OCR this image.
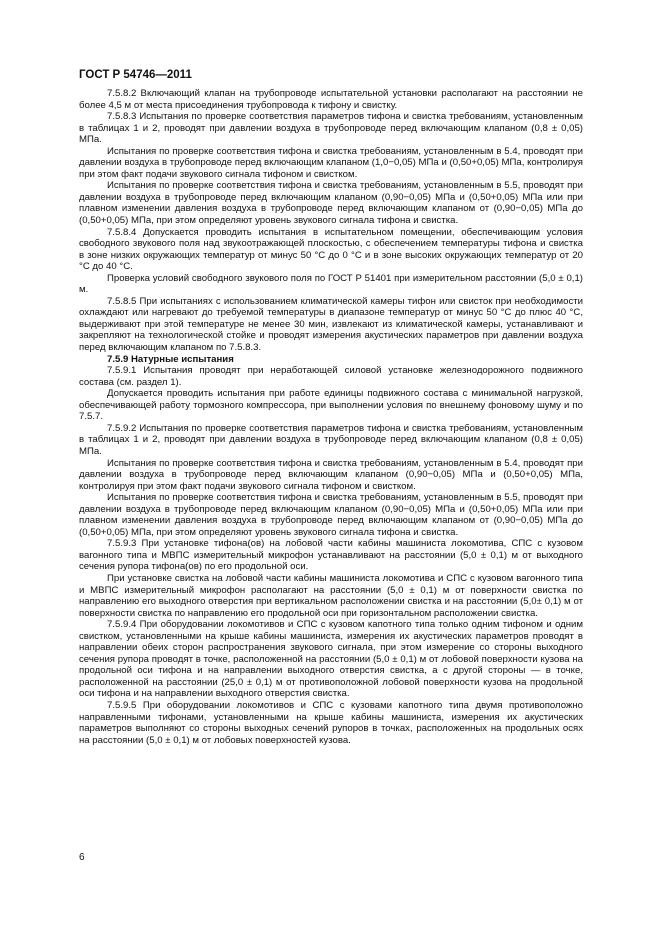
ГОСТ Р 54746—2011

7.5.8.2 Включающий клапан на трубопроводе испытательной установки располагают на расстоянии не более 4,5 м от места присоединения трубопровода к тифону и свистку.

7.5.8.3 Испытания по проверке соответствия параметров тифона и свистка требованиям, установленным в таблицах 1 и 2, проводят при давлении воздуха в трубопроводе перед включающим клапаном (0,8 ± 0,05) МПа.

Испытания по проверке соответствия тифона и свистка требованиям, установленным в 5.4, проводят при давлении воздуха в трубопроводе перед включающим клапаном (1,0−0,05) МПа и (0,50+0,05) МПа, контролируя при этом факт подачи звукового сигнала тифоном и свистком.

Испытания по проверке соответствия тифона и свистка требованиям, установленным в 5.5, проводят при давлении воздуха в трубопроводе перед включающим клапаном (0,90−0,05) МПа и (0,50+0,05) МПа или при плавном изменении давления воздуха в трубопроводе перед включающим клапаном от (0,90−0,05) МПа до (0,50+0,05) МПа, при этом определяют уровень звукового сигнала тифона и свистка.

7.5.8.4 Допускается проводить испытания в испытательном помещении, обеспечивающим условия свободного звукового поля над звукоотражающей плоскостью, с обеспечением температуры тифона и свистка в зоне низких окружающих температур от минус 50 °С до 0 °С и в зоне высоких окружающих температур от 20 °С до 40 °С.

Проверка условий свободного звукового поля по ГОСТ Р 51401 при измерительном расстоянии (5,0 ± 0,1) м.

7.5.8.5 При испытаниях с использованием климатической камеры тифон или свисток при необходимости охлаждают или нагревают до требуемой температуры в диапазоне температур от минус 50 °С до плюс 40 °С, выдерживают при этой температуре не менее 30 мин, извлекают из климатической камеры, устанавливают и закрепляют на технологической стойке и проводят измерения акустических параметров при давлении воздуха перед включающим клапаном по 7.5.8.3.

7.5.9 Натурные испытания

7.5.9.1 Испытания проводят при неработающей силовой установке железнодорожного подвижного состава (см. раздел 1).

Допускается проводить испытания при работе единицы подвижного состава с минимальной нагрузкой, обеспечивающей работу тормозного компрессора, при выполнении условия по внешнему фоновому шуму и по 7.5.7.

7.5.9.2 Испытания по проверке соответствия параметров тифона и свистка требованиям, установленным в таблицах 1 и 2, проводят при давлении воздуха в трубопроводе перед включающим клапаном (0,8 ± 0,05) МПа.

Испытания по проверке соответствия тифона и свистка требованиям, установленным в 5.4, проводят при давлении воздуха в трубопроводе перед включающим клапаном (0,90−0,05) МПа и (0,50+0,05) МПа, контролируя при этом факт подачи звукового сигнала тифоном и свистком.

Испытания по проверке соответствия тифона и свистка требованиям, установленным в 5.5, проводят при давлении воздуха в трубопроводе перед включающим клапаном (0,90−0,05) МПа и (0,50+0,05) МПа или при плавном изменении давления воздуха в трубопроводе перед включающим клапаном от (0,90−0,05) МПа до (0,50+0,05) МПа, при этом определяют уровень звукового сигнала тифона и свистка.

7.5.9.3 При установке тифона(ов) на лобовой части кабины машиниста локомотива, СПС с кузовом вагонного типа и МВПС измерительный микрофон устанавливают на расстоянии (5,0 ± 0,1) м от выходного сечения рупора тифона(ов) по его продольной оси.

При установке свистка на лобовой части кабины машиниста локомотива и СПС с кузовом вагонного типа и МВПС измерительный микрофон располагают на расстоянии (5,0 ± 0,1) м от поверхности свистка по направлению его выходного отверстия при вертикальном расположении свистка и на расстоянии (5,0± 0,1) м от поверхности свистка по направлению его продольной оси при горизонтальном расположении свистка.

7.5.9.4 При оборудовании локомотивов и СПС с кузовом капотного типа только одним тифоном и одним свистком, установленными на крыше кабины машиниста, измерения их акустических параметров проводят в направлении обеих сторон распространения звукового сигнала, при этом измерение со стороны выходного сечения рупора проводят в точке, расположенной на расстоянии (5,0 ± 0,1) м от лобовой поверхности кузова на продольной оси тифона и на направлении выходного отверстия свистка, а с другой стороны — в точке, расположенной на расстоянии (25,0 ± 0,1) м от противоположной лобовой поверхности кузова на продольной оси тифона и на направлении выходного отверстия свистка.

7.5.9.5 При оборудовании локомотивов и СПС с кузовами капотного типа двумя противоположно направленными тифонами, установленными на крыше кабины машиниста, измерения их акустических параметров выполняют со стороны выходных сечений рупоров в точках, расположенных на продольных осях на расстоянии (5,0 ± 0,1) м от лобовых поверхностей кузова.

6
